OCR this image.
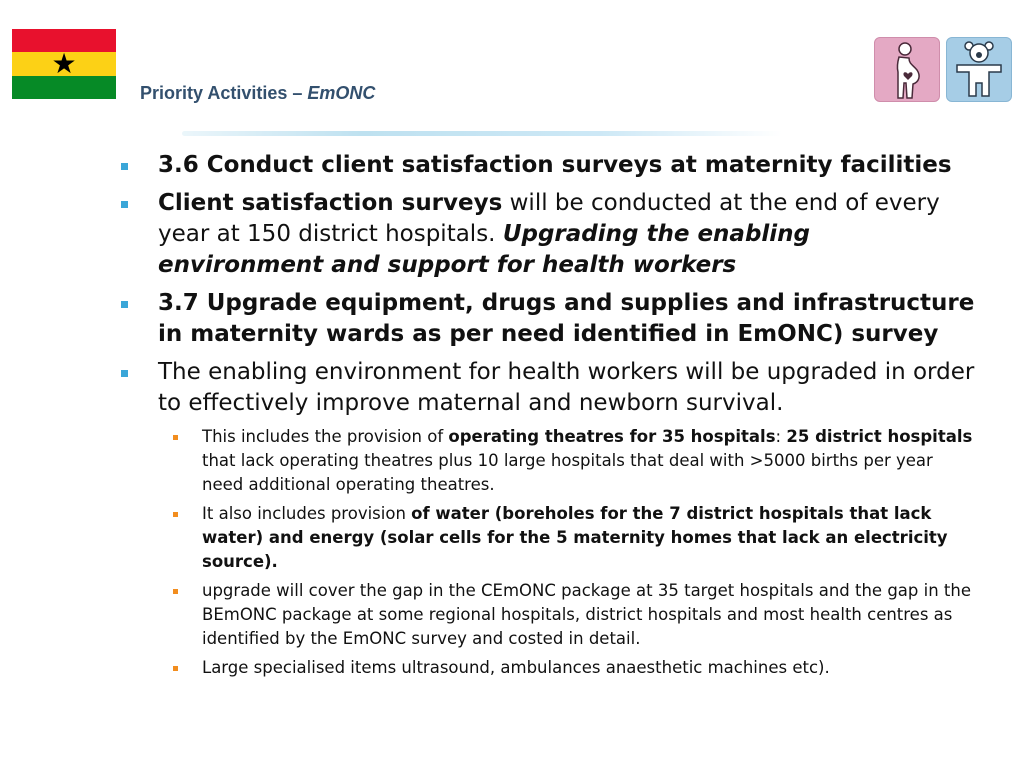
★
Priority Activities – EmONC
3.6 Conduct client satisfaction surveys at maternity facilities
Client satisfaction surveys will be conducted at the end of every year at 150 district hospitals. Upgrading the enabling environment and support for health workers
3.7 Upgrade equipment, drugs and supplies and infrastructure in maternity wards as per need identified in EmONC) survey
The enabling environment for health workers will be upgraded in order to effectively improve maternal and newborn survival.
This includes the provision of operating theatres for 35 hospitals: 25 district hospitals that lack operating theatres plus 10 large hospitals that deal with >5000 births per year need additional operating theatres.
It also includes provision of water (boreholes for the 7 district hospitals that lack water) and energy (solar cells for the 5 maternity homes that lack an electricity source).
upgrade will cover the gap in the CEmONC package at 35 target hospitals and the gap in the BEmONC package at some regional hospitals, district hospitals and most health centres as identified by the EmONC survey and costed in detail.
Large specialised items ultrasound, ambulances anaesthetic machines etc).
